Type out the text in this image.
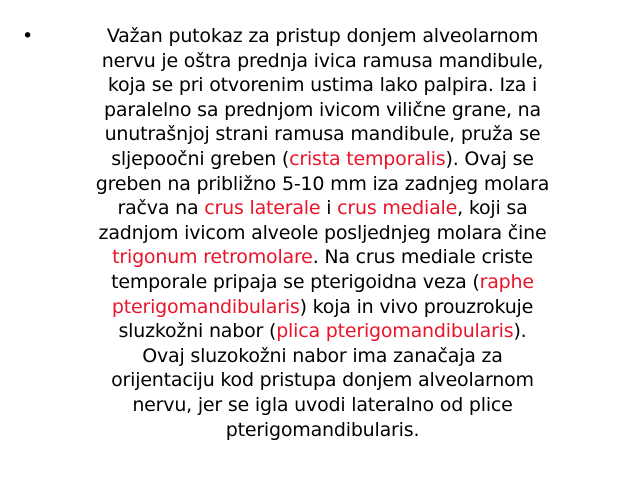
•	Važan putokaz za pristup donjem alveolarnom
nervu je oštra prednja ivica ramusa mandibule,
koja se pri otvorenim ustima lako palpira. Iza i
paralelno sa prednjom ivicom vilične grane, na
unutrašnjoj strani ramusa mandibule, pruža se
sljepoočni greben (crista temporalis). Ovaj se
greben na približno 5-10 mm iza zadnjeg molara
račva na crus laterale i crus mediale, koji sa
zadnjom ivicom alveole posljednjeg molara čine
trigonum retromolare. Na crus mediale criste
temporale pripaja se pterigoidna veza (raphe
pterigomandibularis) koja in vivo prouzrokuje
sluzkožni nabor (plica pterigomandibularis).
Ovaj sluzokožni nabor ima zanačaja za
orijentaciju kod pristupa donjem alveolarnom
nervu, jer se igla uvodi lateralno od plice
pterigomandibularis.
